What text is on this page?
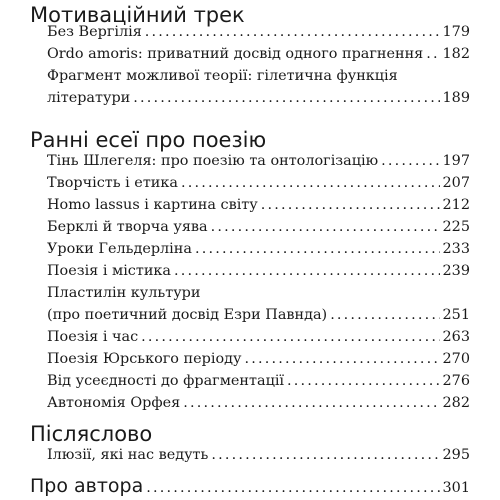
Мотиваційний трек
Без Вергілія . . .	179
Ordo amoris: приватний досвід одного прагнення . . . 182
Фрагмент можливої теорії: гілетична функція
літератури . . .	189
Ранні есеї про поезію
Тінь Шлегеля: про поезію та онтологізацію . . .	197
Творчість і етика . . .	207
Homo lassus і картина світу . . .	212
Берклі й творча уява . . .	225
Уроки Гельдерліна . . .	233
Поезія і містика . . .	239
Пластилін культури
(про поетичний досвід Езри Павнда) . . .	251
Поезія і час . . .	263
Поезія Юрського періоду . . .	270
Від усеєдності до фрагментації . . .	276
Автономія Орфея . . .	282
Післяслово
Ілюзії, які нас ведуть . . .	295
Про автора . . .	301
